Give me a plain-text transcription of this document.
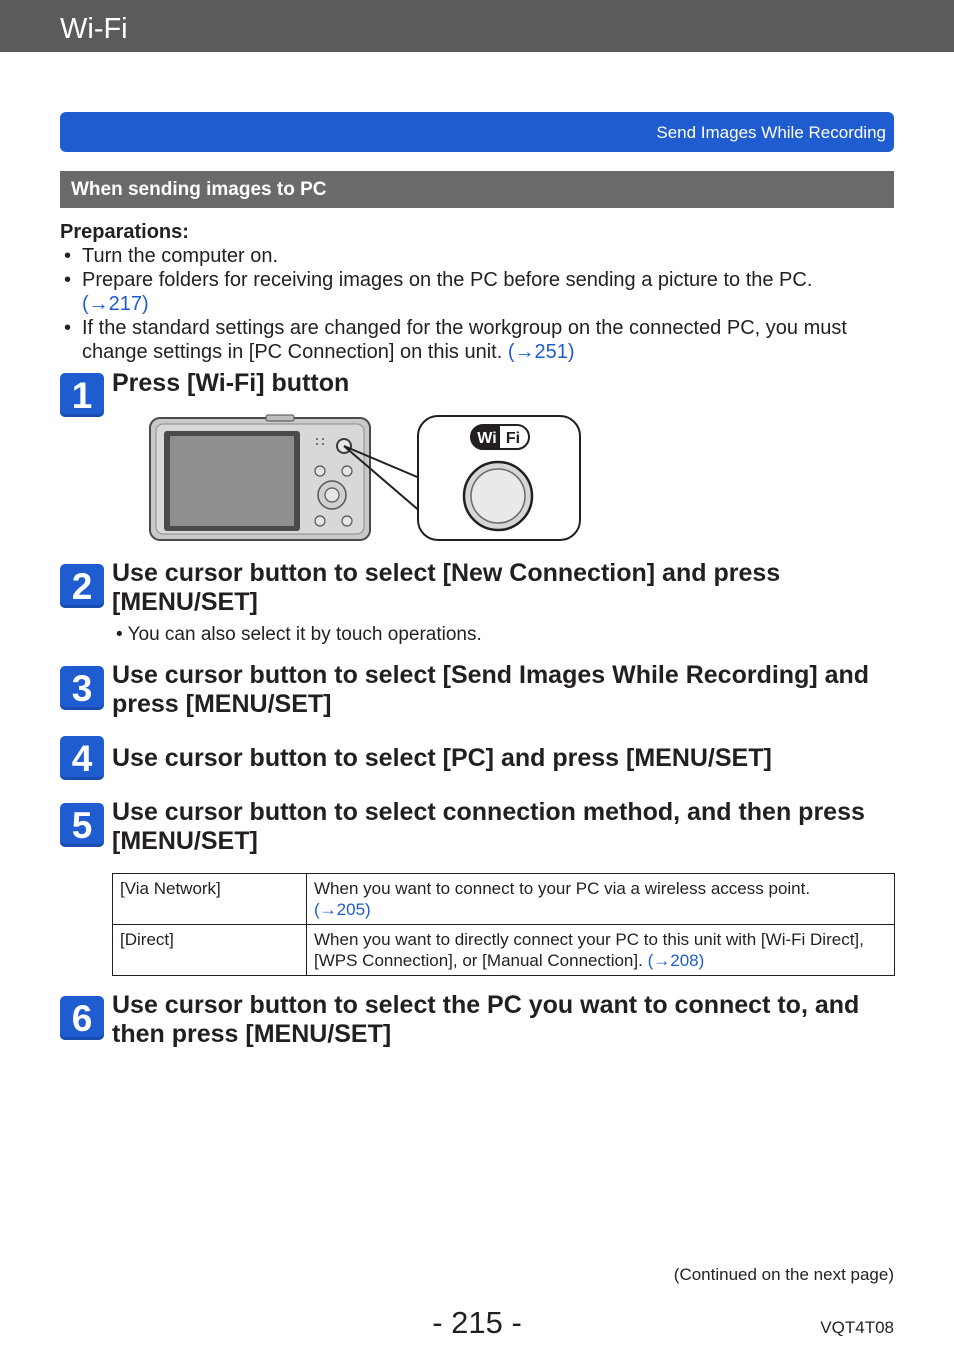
Wi-Fi
Send Images While Recording
When sending images to PC
Preparations:
• Turn the computer on.
• Prepare folders for receiving images on the PC before sending a picture to the PC.
(→217)
• If the standard settings are changed for the workgroup on the connected PC, you must change settings in [PC Connection] on this unit. (→251)
1 Press [Wi-Fi] button
Wi Fi
2 Use cursor button to select [New Connection] and press [MENU/SET]
• You can also select it by touch operations.
3 Use cursor button to select [Send Images While Recording] and press [MENU/SET]
4 Use cursor button to select [PC] and press [MENU/SET]
5 Use cursor button to select connection method, and then press [MENU/SET]
[Via Network]	When you want to connect to your PC via a wireless access point.
(→205)
[Direct]	When you want to directly connect your PC to this unit with [Wi-Fi Direct], [WPS Connection], or [Manual Connection]. (→208)
6 Use cursor button to select the PC you want to connect to, and then press [MENU/SET]
(Continued on the next page)
- 215 -	VQT4T08
